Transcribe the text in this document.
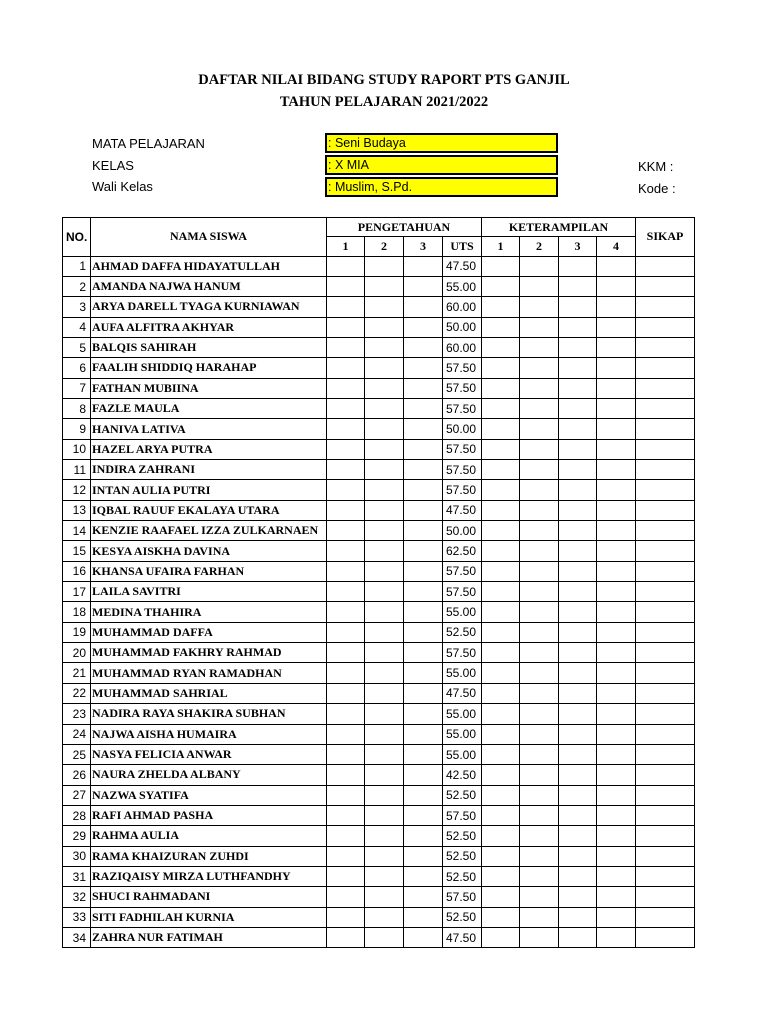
DAFTAR NILAI BIDANG STUDY RAPORT PTS GANJIL
TAHUN PELAJARAN 2021/2022
MATA PELAJARAN	: Seni Budaya
KELAS	: X MIA
Wali Kelas	: Muslim, S.Pd.
KKM :
Kode :
NO.	NAMA SISWA	PENGETAHUAN				KETERAMPILAN				SIKAP
		1	2	3	UTS	1	2	3	4	
1	AHMAD DAFFA HIDAYATULLAH				47.50					
2	AMANDA NAJWA HANUM				55.00					
3	ARYA DARELL TYAGA KURNIAWAN				60.00					
4	AUFA ALFITRA AKHYAR				50.00					
5	BALQIS SAHIRAH				60.00					
6	FAALIH SHIDDIQ HARAHAP				57.50					
7	FATHAN MUBIINA				57.50					
8	FAZLE MAULA				57.50					
9	HANIVA LATIVA				50.00					
10	HAZEL ARYA PUTRA				57.50					
11	INDIRA ZAHRANI				57.50					
12	INTAN AULIA PUTRI				57.50					
13	IQBAL RAUUF EKALAYA UTARA				47.50					
14	KENZIE RAAFAEL IZZA ZULKARNAEN				50.00					
15	KESYA AISKHA DAVINA				62.50					
16	KHANSA UFAIRA FARHAN				57.50					
17	LAILA SAVITRI				57.50					
18	MEDINA THAHIRA				55.00					
19	MUHAMMAD DAFFA				52.50					
20	MUHAMMAD FAKHRY RAHMAD				57.50					
21	MUHAMMAD RYAN RAMADHAN				55.00					
22	MUHAMMAD SAHRIAL				47.50					
23	NADIRA RAYA SHAKIRA SUBHAN				55.00					
24	NAJWA AISHA HUMAIRA				55.00					
25	NASYA FELICIA ANWAR				55.00					
26	NAURA ZHELDA ALBANY				42.50					
27	NAZWA SYATIFA				52.50					
28	RAFI AHMAD PASHA				57.50					
29	RAHMA AULIA				52.50					
30	RAMA KHAIZURAN ZUHDI				52.50					
31	RAZIQAISY MIRZA LUTHFANDHY				52.50					
32	SHUCI RAHMADANI				57.50					
33	SITI FADHILAH KURNIA				52.50					
34	ZAHRA NUR FATIMAH				47.50					
